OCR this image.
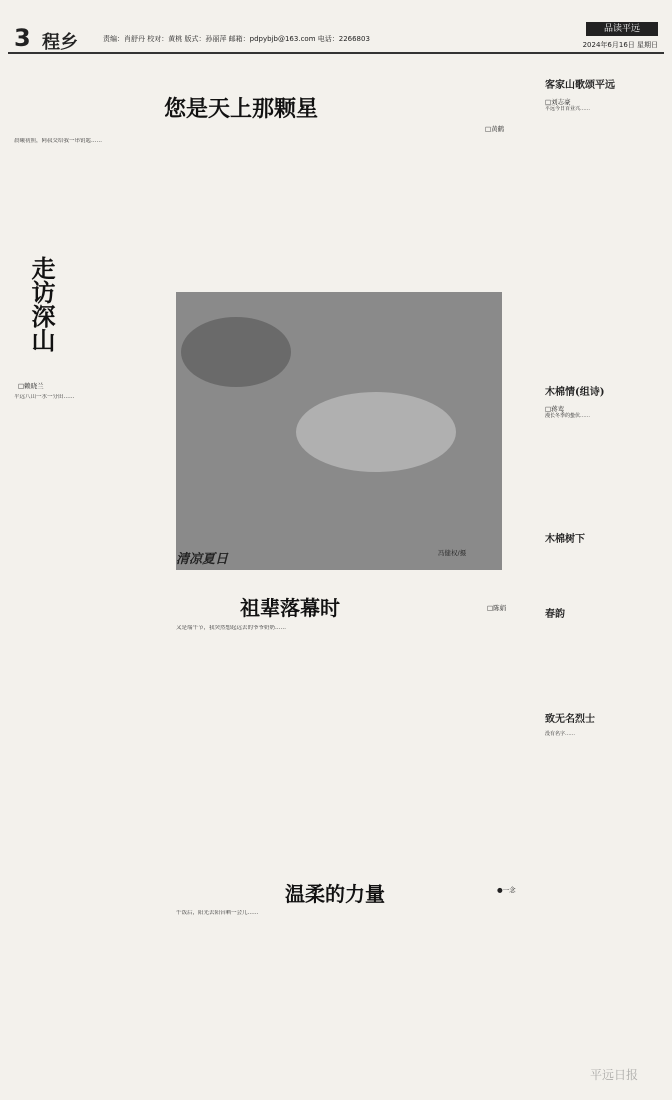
3 程乡	责编：肖舒丹 校对：黄桃 版式：孙丽萍 邮箱：pdpybjb@163.com 电话：2266803
品读平远
2024年6月16日 星期日
您是天上那颗星
□黄鹤
晨曦初照，阿叔交给我一串钥匙……
走访深山
□赖晓兰
平远八山一水一分田……
清凉夏日	冯健权/摄
祖辈落幕时	□陈娟
又是端午节，我突然想起远去的爷爷奶奶……
温柔的力量	●一念
午饭后，阳光去阳台晒一会儿……
客家山歌颂平远
□刘志豪
平远今日百业兴……
木棉情(组诗)
□蒋鸾
漫长冬季的蛰伏……
木棉树下
春韵
致无名烈士
没有名字……
平远日报
